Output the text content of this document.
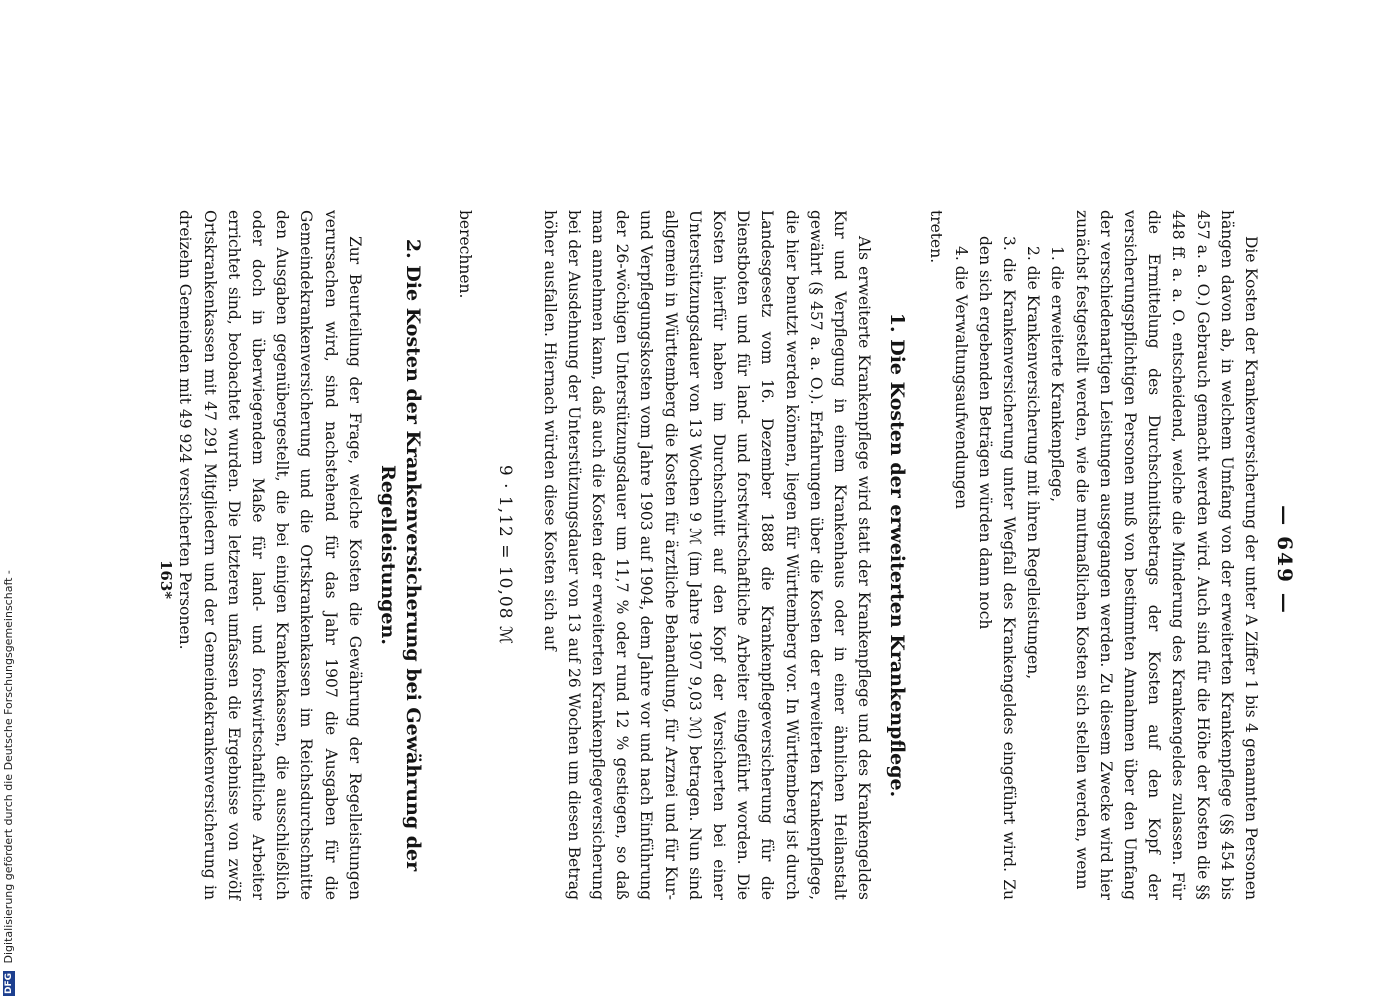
— 649 —

Die Kosten der Krankenversicherung der unter A Ziffer 1 bis 4 genannten Personen hängen davon ab, in welchem Umfang von der erweiterten Krankenpflege (§§ 454 bis 457 a. a. O.) Gebrauch gemacht werden wird. Auch sind für die Höhe der Kosten die §§ 448 ff. a. a. O. entscheidend, welche die Minderung des Krankengeldes zulassen. Für die Ermittelung des Durchschnittsbetrags der Kosten auf den Kopf der versicherungspflichtigen Personen muß von bestimmten Annahmen über den Umfang der verschiedenartigen Leistungen ausgegangen werden. Zu diesem Zwecke wird hier zunächst festgestellt werden, wie die mutmaßlichen Kosten sich stellen werden, wenn

1. die erweiterte Krankenpflege,

2. die Krankenversicherung mit ihren Regelleistungen,

3. die Krankenversicherung unter Wegfall des Krankengeldes eingeführt wird. Zu den sich ergebenden Beträgen würden dann noch

4. die Verwaltungsaufwendungen

treten.

1. Die Kosten der erweiterten Krankenpflege.

Als erweiterte Krankenpflege wird statt der Krankenpflege und des Krankengeldes Kur und Verpflegung in einem Krankenhaus oder in einer ähnlichen Heilanstalt gewährt (§ 457 a. a. O.). Erfahrungen über die Kosten der erweiterten Krankenpflege, die hier benutzt werden können, liegen für Württemberg vor. In Württemberg ist durch Landesgesetz vom 16. Dezember 1888 die Krankenpflegeversicherung für die Dienstboten und für land- und forstwirtschaftliche Arbeiter eingeführt worden. Die Kosten hierfür haben im Durchschnitt auf den Kopf der Versicherten bei einer Unterstützungsdauer von 13 Wochen 9 ℳ (im Jahre 1907 9,03 ℳ) betragen. Nun sind allgemein in Württemberg die Kosten für ärztliche Behandlung, für Arznei und für Kur- und Verpflegungskosten vom Jahre 1903 auf 1904, dem Jahre vor und nach Einführung der 26-wöchigen Unterstützungsdauer um 11,7 % oder rund 12 % gestiegen, so daß man annehmen kann, daß auch die Kosten der erweiterten Krankenpflegeversicherung bei der Ausdehnung der Unterstützungsdauer von 13 auf 26 Wochen um diesen Betrag höher ausfallen. Hiernach würden diese Kosten sich auf

9 · 1,12 = 10,08 ℳ

berechnen.

2. Die Kosten der Krankenversicherung bei Gewährung der Regelleistungen.

Zur Beurteilung der Frage, welche Kosten die Gewährung der Regelleistungen verursachen wird, sind nachstehend für das Jahr 1907 die Ausgaben für die Gemeindekrankenversicherung und die Ortskrankenkassen im Reichsdurchschnitte den Ausgaben gegenübergestellt, die bei einigen Krankenkassen, die ausschließlich oder doch in überwiegendem Maße für land- und forstwirtschaftliche Arbeiter errichtet sind, beobachtet wurden. Die letzteren umfassen die Ergebnisse von zwölf Ortskrankenkassen mit 47 291 Mitgliedern und der Gemeindekrankenversicherung in dreizehn Gemeinden mit 49 924 versicherten Personen.

163*
DFG Digitalisierung gefördert durch die Deutsche Forschungsgemeinschaft -
